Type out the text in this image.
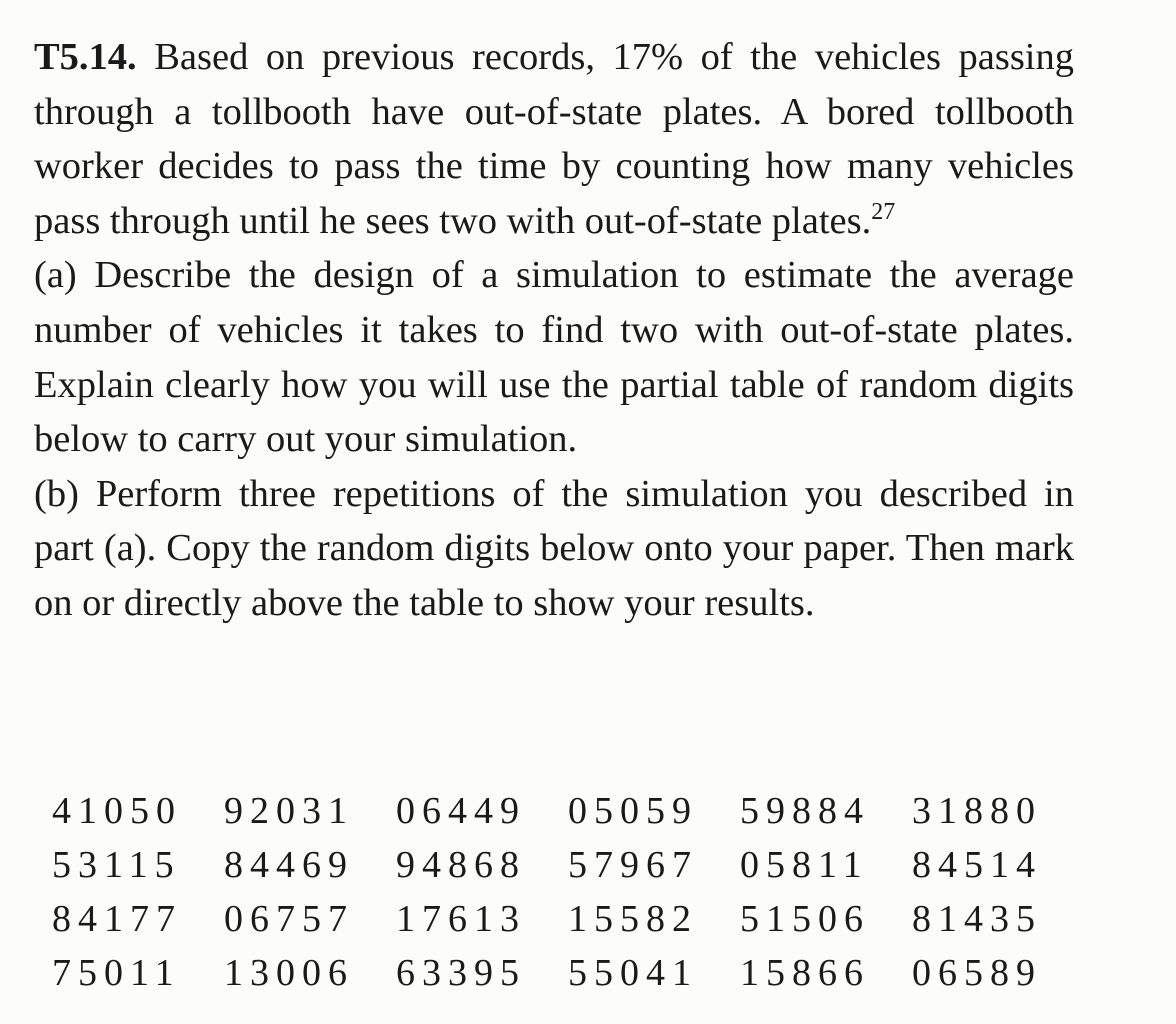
T5.14. Based on previous records, 17% of the vehicles passing through a tollbooth have out-of-state plates. A bored tollbooth worker decides to pass the time by counting how many vehicles pass through until he sees two with out-of-state plates.$^{27}$

(a) Describe the design of a simulation to estimate the average number of vehicles it takes to find two with out-of-state plates. Explain clearly how you will use the partial table of random digits below to carry out your simulation.

(b) Perform three repetitions of the simulation you described in part (a). Copy the random digits below onto your paper. Then mark on or directly above the table to show your results.

41050	92031	06449	05059	59884	31880
53115	84469	94868	57967	05811	84514
84177	06757	17613	15582	51506	81435
75011	13006	63395	55041	15866	06589
